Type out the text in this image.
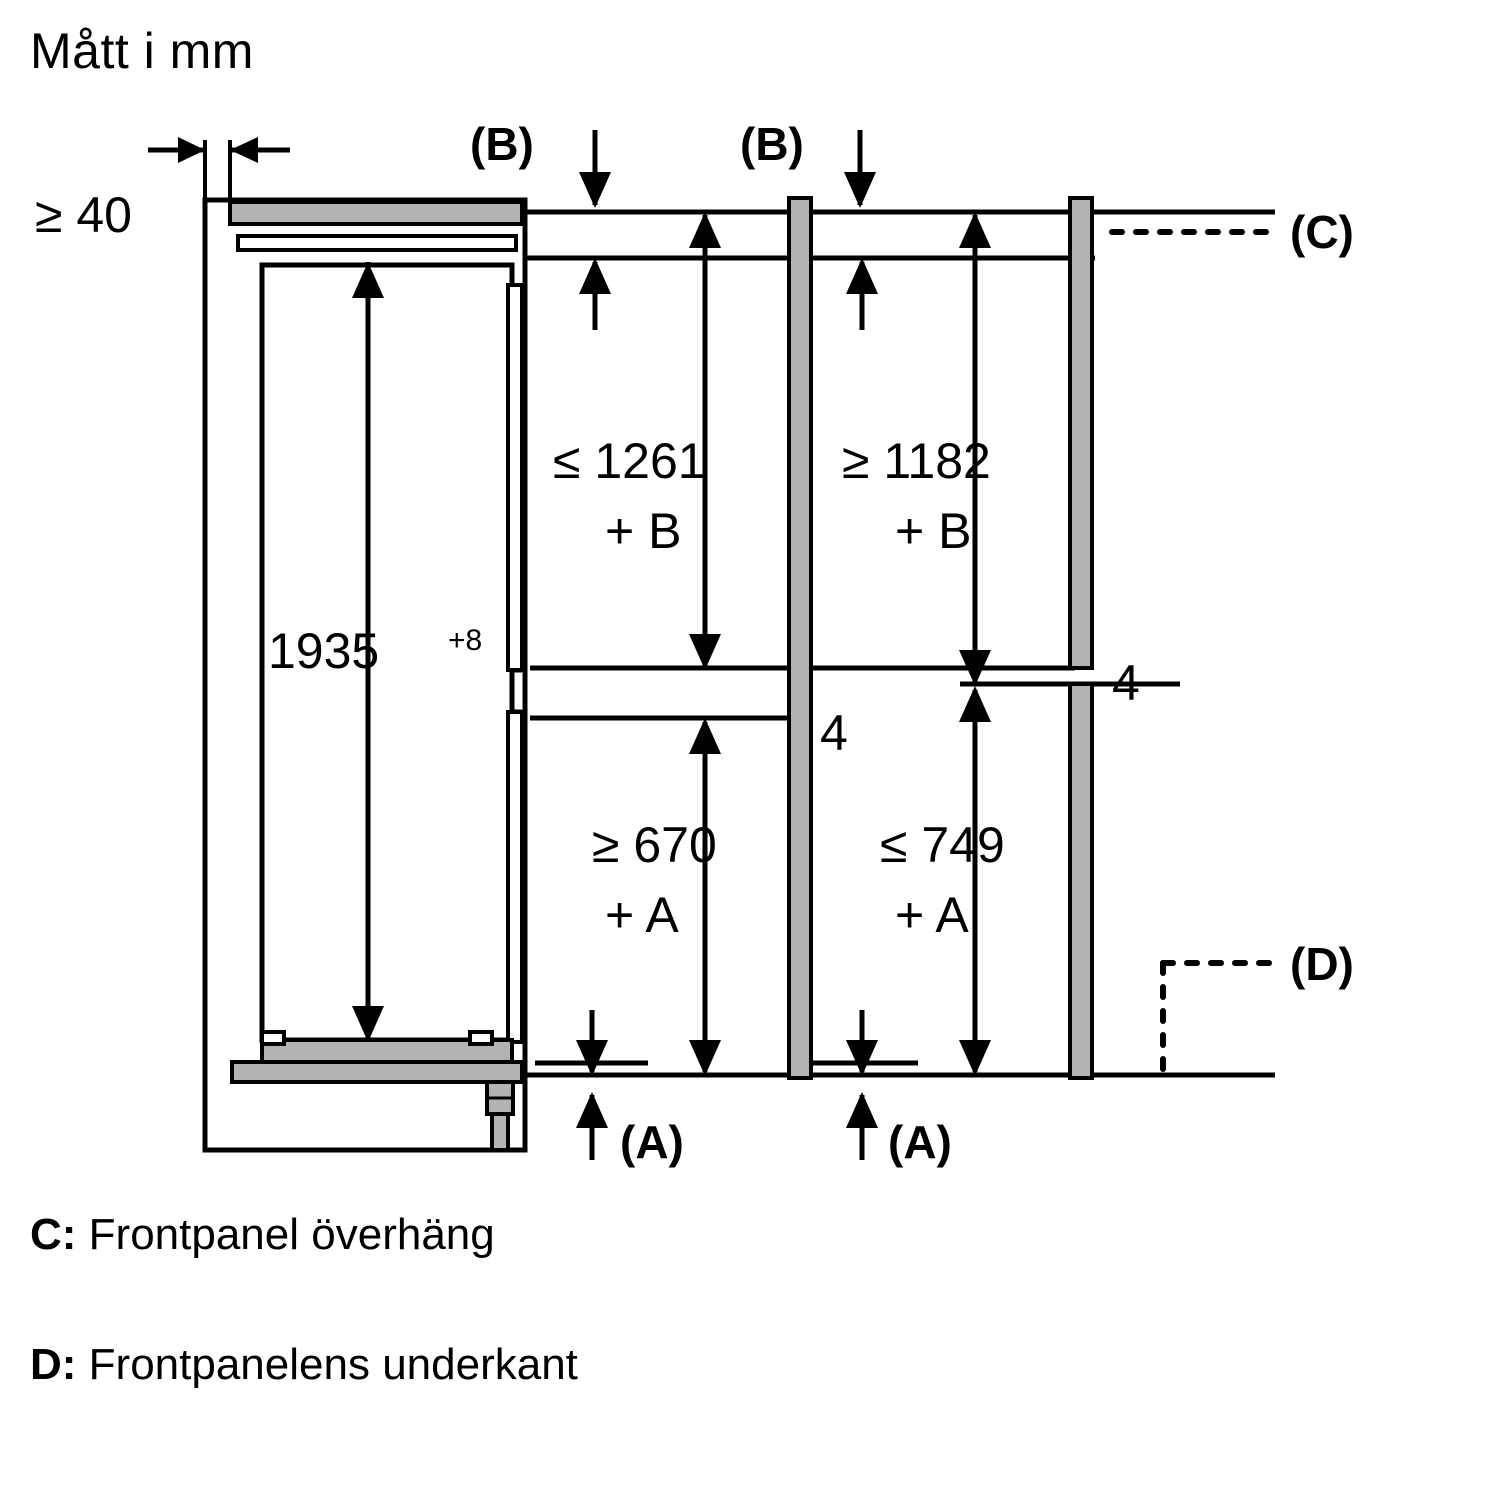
Mått i mm
≥ 40
1935 +8
(B)	(B)
≤ 1261
+ B
≥ 1182
+ B
4
4
≥ 670
+ A
≤ 749
+ A
(A)	(A)
(C)
(D)
C: Frontpanel överhäng
D: Frontpanelens underkant
